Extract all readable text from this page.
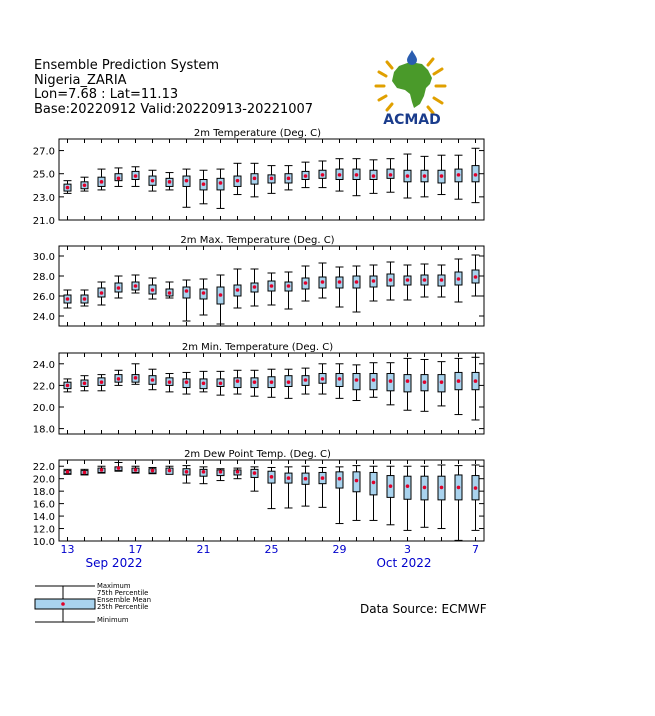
Ensemble Prediction System
Nigeria_ZARIA
Lon=7.68 : Lat=11.13
Base:20220912 Valid:20220913-20221007
ACMAD
2m Temperature (Deg. C)
27.0
25.0
23.0
21.0
2m Max. Temperature (Deg. C)
30.0
28.0
26.0
24.0
2m Min. Temperature (Deg. C)
24.0
22.0
20.0
18.0
2m Dew Point Temp. (Deg. C)
22.0
20.0
18.0
16.0
14.0
12.0
10.0
13	17	21	25	29	3	7
Sep 2022	Oct 2022
Maximum
75th Percentile
Ensemble Mean
25th Percentile
Minimum
Data Source: ECMWF
